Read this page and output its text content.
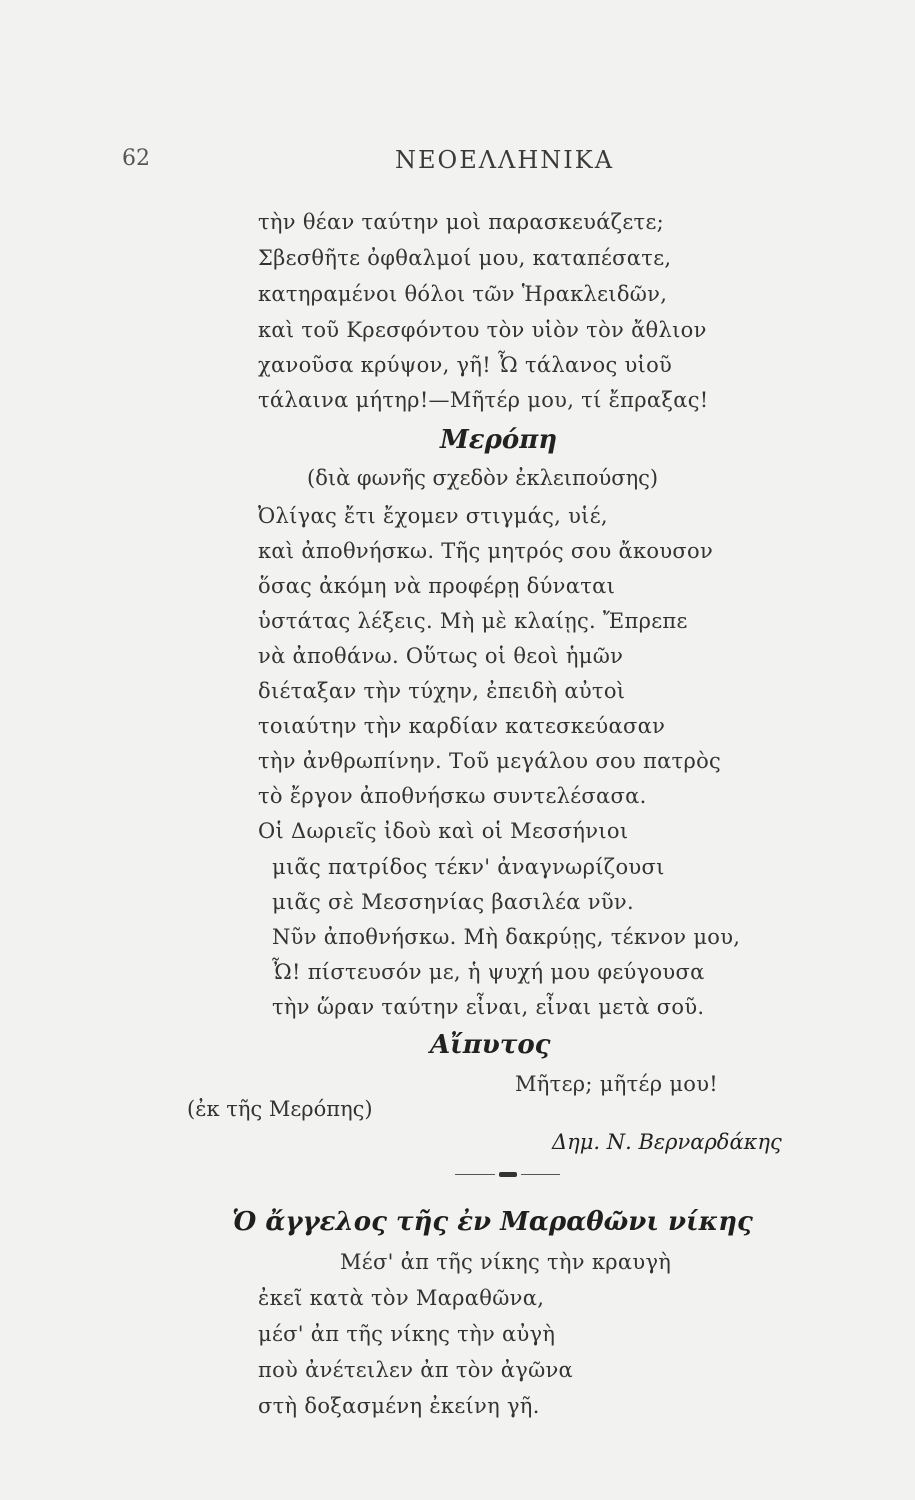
62	ΝΕΟΕΛΛΗΝΙΚΑ
τὴν θέαν ταύτην μοὶ παρασκευάζετε;
Σβεσθῆτε ὀφθαλμοί μου, καταπέσατε,
κατηραμένοι θόλοι τῶν Ἡρακλειδῶν,
καὶ τοῦ Κρεσφόντου τὸν υἱὸν τὸν ἄθλιον
χανοῦσα κρύψον, γῆ! Ὦ τάλανος υἱοῦ
τάλαινα μήτηρ!—Μῆτέρ μου, τί ἔπραξας!
Μερόπη
(διὰ φωνῆς σχεδὸν ἐκλειπούσης)
Ὀλίγας ἔτι ἔχομεν στιγμάς, υἱέ,
καὶ ἀποθνήσκω. Τῆς μητρός σου ἄκουσον
ὅσας ἀκόμη νὰ προφέρῃ δύναται
ὑστάτας λέξεις. Μὴ μὲ κλαίῃς. Ἔπρεπε
νὰ ἀποθάνω. Οὕτως οἱ θεοὶ ἡμῶν
διέταξαν τὴν τύχην, ἐπειδὴ αὐτοὶ
τοιαύτην τὴν καρδίαν κατεσκεύασαν
τὴν ἀνθρωπίνην. Τοῦ μεγάλου σου πατρὸς
τὸ ἔργον ἀποθνήσκω συντελέσασα.
Οἱ Δωριεῖς ἰδοὺ καὶ οἱ Μεσσήνιοι
μιᾶς πατρίδος τέκν' ἀναγνωρίζουσι
μιᾶς σὲ Μεσσηνίας βασιλέα νῦν.
Νῦν ἀποθνήσκω. Μὴ δακρύῃς, τέκνον μου,
Ὦ! πίστευσόν με, ἡ ψυχή μου φεύγουσα
τὴν ὥραν ταύτην εἶναι, εἶναι μετὰ σοῦ.
Αἴπυτος
Μῆτερ; μῆτέρ μου!
(ἐκ τῆς Μερόπης)
Δημ. Ν. Βερναρδάκης
Ὁ ἄγγελος τῆς ἐν Μαραθῶνι νίκης
Μέσ' ἀπ τῆς νίκης τὴν κραυγὴ
ἐκεῖ κατὰ τὸν Μαραθῶνα,
μέσ' ἀπ τῆς νίκης τὴν αὐγὴ
ποὺ ἀνέτειλεν ἀπ τὸν ἀγῶνα
στὴ δοξασμένη ἐκείνη γῆ.
